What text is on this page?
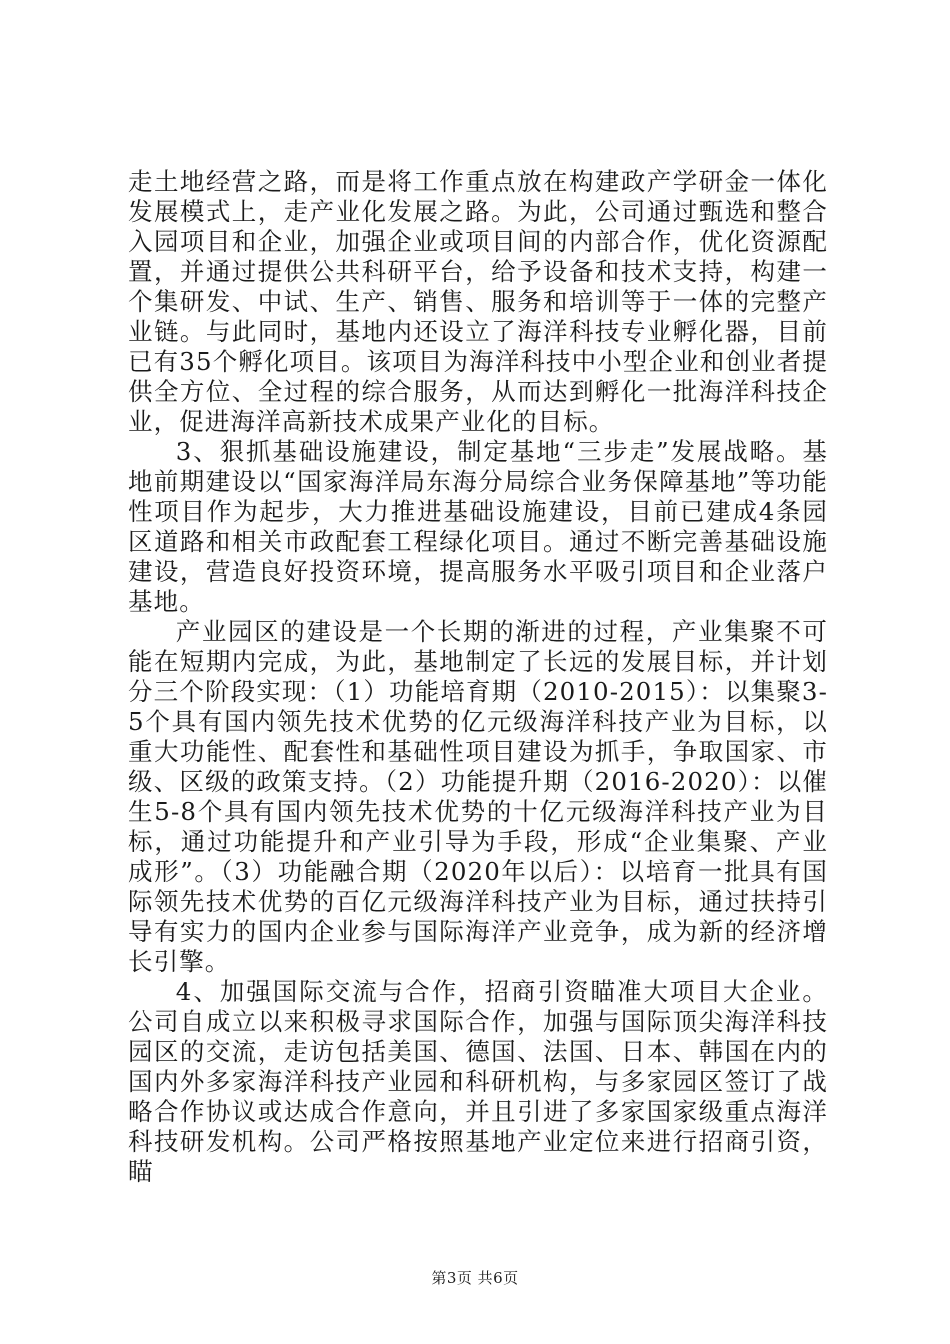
走土地经营之路，而是将工作重点放在构建政产学研金一体化发展模式上，走产业化发展之路。为此，公司通过甄选和整合入园项目和企业，加强企业或项目间的内部合作，优化资源配置，并通过提供公共科研平台，给予设备和技术支持，构建一个集研发、中试、生产、销售、服务和培训等于一体的完整产业链。与此同时，基地内还设立了海洋科技专业孵化器，目前已有35个孵化项目。该项目为海洋科技中小型企业和创业者提供全方位、全过程的综合服务，从而达到孵化一批海洋科技企业，促进海洋高新技术成果产业化的目标。

3、狠抓基础设施建设，制定基地“三步走”发展战略。基地前期建设以“国家海洋局东海分局综合业务保障基地”等功能性项目作为起步，大力推进基础设施建设，目前已建成4条园区道路和相关市政配套工程绿化项目。通过不断完善基础设施建设，营造良好投资环境，提高服务水平吸引项目和企业落户基地。

产业园区的建设是一个长期的渐进的过程，产业集聚不可能在短期内完成，为此，基地制定了长远的发展目标，并计划分三个阶段实现：（1）功能培育期（2010-2015）：以集聚3-5个具有国内领先技术优势的亿元级海洋科技产业为目标，以重大功能性、配套性和基础性项目建设为抓手，争取国家、市级、区级的政策支持。（2）功能提升期（2016-2020）：以催生5-8个具有国内领先技术优势的十亿元级海洋科技产业为目标，通过功能提升和产业引导为手段，形成“企业集聚、产业成形”。（3）功能融合期（2020年以后）：以培育一批具有国际领先技术优势的百亿元级海洋科技产业为目标，通过扶持引导有实力的国内企业参与国际海洋产业竞争，成为新的经济增长引擎。

4、加强国际交流与合作，招商引资瞄准大项目大企业。公司自成立以来积极寻求国际合作，加强与国际顶尖海洋科技园区的交流，走访包括美国、德国、法国、日本、韩国在内的国内外多家海洋科技产业园和科研机构，与多家园区签订了战略合作协议或达成合作意向，并且引进了多家国家级重点海洋科技研发机构。公司严格按照基地产业定位来进行招商引资，瞄

第3页 共6页
